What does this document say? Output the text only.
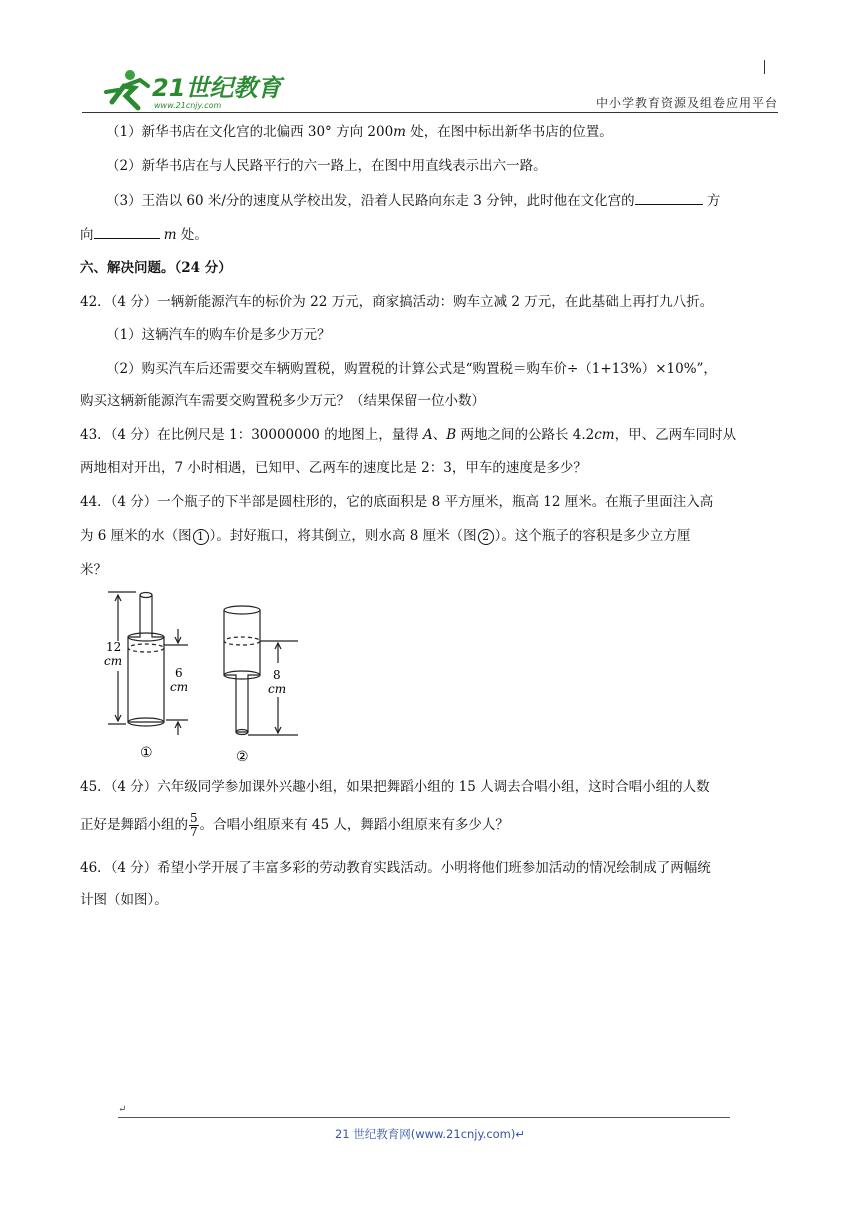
21世纪教育
www.21cnjy.com	中小学教育资源及组卷应用平台
（1）新华书店在文化宫的北偏西 30° 方向 200m 处，在图中标出新华书店的位置。
（2）新华书店在与人民路平行的六一路上，在图中用直线表示出六一路。
（3）王浩以 60 米/分的速度从学校出发，沿着人民路向东走 3 分钟，此时他在文化宫的	方
向	m 处。
六、解决问题。（24 分）
42．（4 分）一辆新能源汽车的标价为 22 万元，商家搞活动：购车立减 2 万元，在此基础上再打九八折。
（1）这辆汽车的购车价是多少万元？
（2）购买汽车后还需要交车辆购置税，购置税的计算公式是“购置税＝购车价÷（1+13%）×10%”，
购买这辆新能源汽车需要交购置税多少万元？（结果保留一位小数）
43．（4 分）在比例尺是 1：30000000 的地图上，量得 A、B 两地之间的公路长 4.2cm，甲、乙两车同时从
两地相对开出，7 小时相遇，已知甲、乙两车的速度比是 2：3，甲车的速度是多少？
44．（4 分）一个瓶子的下半部是圆柱形的，它的底面积是 8 平方厘米，瓶高 12 厘米。在瓶子里面注入高
为 6 厘米的水（图 1 ）。封好瓶口，将其倒立，则水高 8 厘米（图 2 ）。这个瓶子的容积是多少立方厘
米？
12
cm
6
cm
8
cm
①	②
45．（4 分）六年级同学参加课外兴趣小组，如果把舞蹈小组的 15 人调去合唱小组，这时合唱小组的人数
正好是舞蹈小组的 $\frac{5}{7}$ 。合唱小组原来有 45 人，舞蹈小组原来有多少人？
46．（4 分）希望小学开展了丰富多彩的劳动教育实践活动。小明将他们班参加活动的情况绘制成了两幅统
计图（如图）。
↵
21 世纪教育网(www.21cnjy.com)↵
